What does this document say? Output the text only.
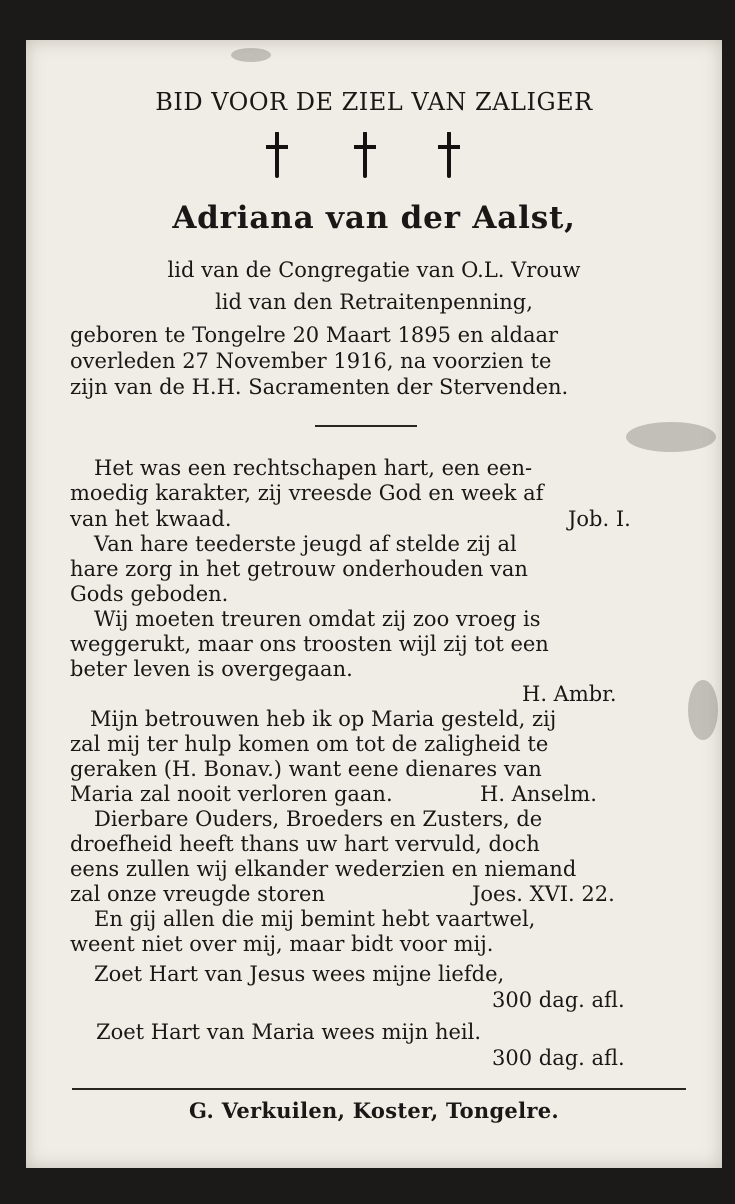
BID VOOR DE ZIEL VAN ZALIGER
Adriana van der Aalst,
lid van de Congregatie van O.L. Vrouw
lid van den Retraitenpenning,
geboren te Tongelre 20 Maart 1895 en aldaar
overleden 27 November 1916, na voorzien te
zijn van de H.H. Sacramenten der Stervenden.
Het was een rechtschapen hart, een een-
moedig karakter, zij vreesde God en week af
van het kwaad.	Job. I.
Van hare teederste jeugd af stelde zij al
hare zorg in het getrouw onderhouden van
Gods geboden.
Wij moeten treuren omdat zij zoo vroeg is
weggerukt, maar ons troosten wijl zij tot een
beter leven is overgegaan.
H. Ambr.
Mijn betrouwen heb ik op Maria gesteld, zij
zal mij ter hulp komen om tot de zaligheid te
geraken (H. Bonav.) want eene dienares van
Maria zal nooit verloren gaan.	H. Anselm.
Dierbare Ouders, Broeders en Zusters, de
droefheid heeft thans uw hart vervuld, doch
eens zullen wij elkander wederzien en niemand
zal onze vreugde storen	Joes. XVI. 22.
En gij allen die mij bemint hebt vaartwel,
weent niet over mij, maar bidt voor mij.
Zoet Hart van Jesus wees mijne liefde,
300 dag. afl.
Zoet Hart van Maria wees mijn heil.
300 dag. afl.
G. Verkuilen, Koster, Tongelre.
